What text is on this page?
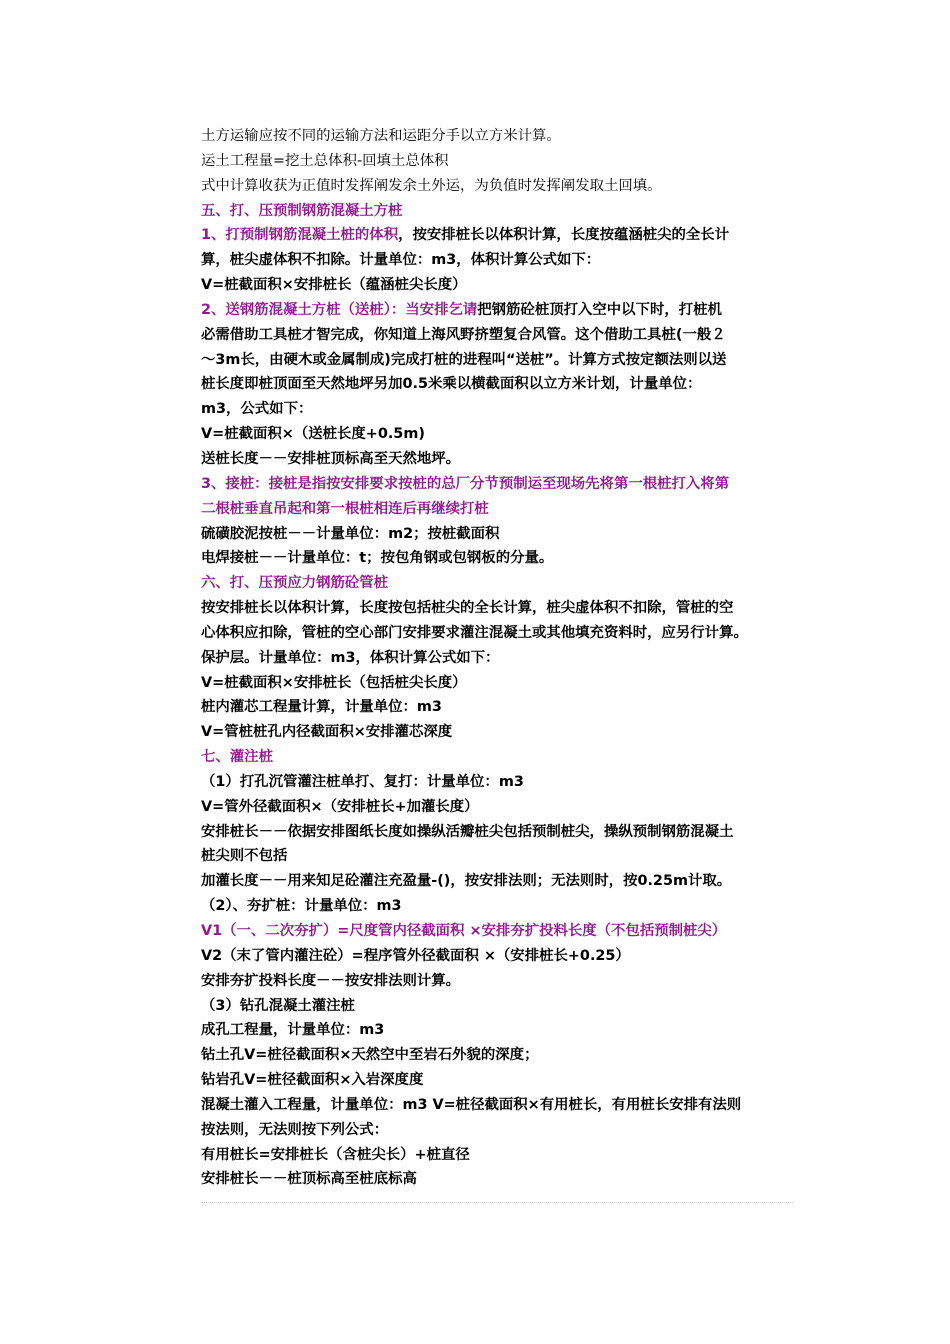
土方运输应按不同的运输方法和运距分手以立方米计算。
运土工程量=挖土总体积-回填土总体积
式中计算收获为正值时发挥阐发余土外运，为负值时发挥阐发取土回填。
五、打、压预制钢筋混凝土方桩
1、打预制钢筋混凝土桩的体积，按安排桩长以体积计算，长度按蕴涵桩尖的全长计
算，桩尖虚体积不扣除。计量单位：m3，体积计算公式如下：
V=桩截面积×安排桩长（蕴涵桩尖长度）
2、送钢筋混凝土方桩（送桩）：当安排乞请把钢筋砼桩顶打入空中以下时，打桩机
必需借助工具桩才智完成，你知道上海风野挤塑复合风管。这个借助工具桩(一般２
～3m长，由硬木或金属制成)完成打桩的进程叫“送桩”。计算方式按定额法则以送
桩长度即桩顶面至天然地坪另加0.5米乘以横截面积以立方米计划，计量单位：
m3，公式如下：
V=桩截面积×（送桩长度+0.5m)
送桩长度－－安排桩顶标高至天然地坪。
3、接桩：接桩是指按安排要求按桩的总厂分节预制运至现场先将第一根桩打入将第
二根桩垂直吊起和第一根桩相连后再继续打桩
硫磺胶泥按桩－－计量单位：m2；按桩截面积
电焊接桩－－计量单位：t；按包角钢或包钢板的分量。
六、打、压预应力钢筋砼管桩
按安排桩长以体积计算，长度按包括桩尖的全长计算，桩尖虚体积不扣除，管桩的空
心体积应扣除，管桩的空心部门安排要求灌注混凝土或其他填充资料时，应另行计算。
保护层。计量单位：m3，体积计算公式如下：
V=桩截面积×安排桩长（包括桩尖长度）
桩内灌芯工程量计算，计量单位：m3
V=管桩桩孔内径截面积×安排灌芯深度
七、灌注桩
（1）打孔沉管灌注桩单打、复打：计量单位：m3
V=管外径截面积×（安排桩长+加灌长度）
安排桩长－－依据安排图纸长度如操纵活瓣桩尖包括预制桩尖，操纵预制钢筋混凝土
桩尖则不包括
加灌长度－－用来知足砼灌注充盈量-()，按安排法则；无法则时，按0.25m计取。
（2）、夯扩桩：计量单位：m3
V1（一、二次夯扩）=尺度管内径截面积 ×安排夯扩投料长度（不包括预制桩尖）
V2（末了管内灌注砼）=程序管外径截面积 ×（安排桩长+0.25）
安排夯扩投料长度－－按安排法则计算。
（3）钻孔混凝土灌注桩
成孔工程量，计量单位：m3
钻土孔V=桩径截面积×天然空中至岩石外貌的深度；
钻岩孔V=桩径截面积×入岩深度度
混凝土灌入工程量，计量单位：m3 V=桩径截面积×有用桩长，有用桩长安排有法则
按法则，无法则按下列公式：
有用桩长=安排桩长（含桩尖长）+桩直径
安排桩长－－桩顶标高至桩底标高
